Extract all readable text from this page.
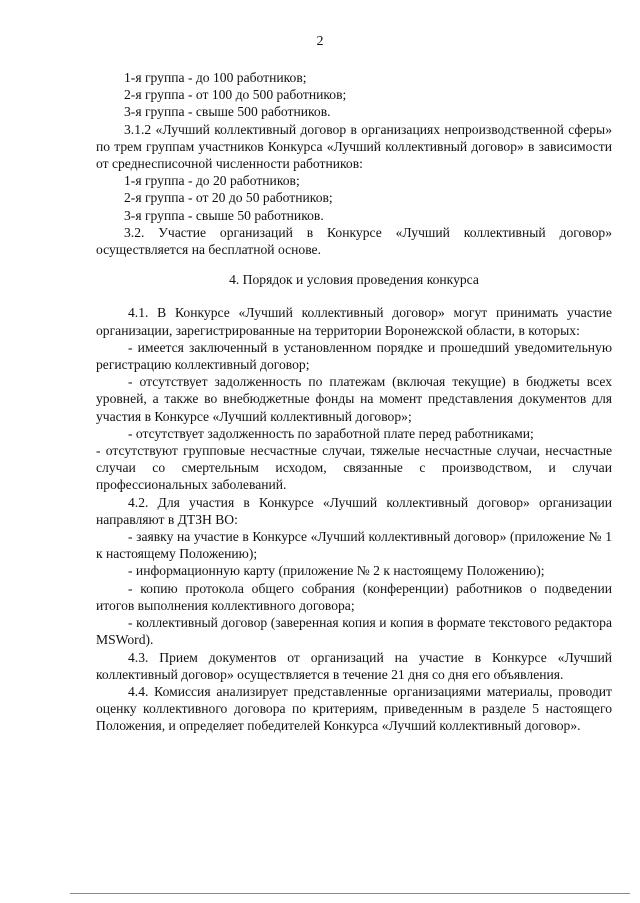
2

1-я группа - до 100 работников;

2-я группа - от 100 до 500 работников;

3-я группа - свыше 500 работников.

3.1.2 «Лучший коллективный договор в организациях непроизводственной сферы» по трем группам участников Конкурса «Лучший коллективный договор» в зависимости от среднесписочной численности работников:

1-я группа - до 20 работников;

2-я группа - от 20 до 50 работников;

3-я группа - свыше 50 работников.

3.2. Участие организаций в Конкурсе «Лучший коллективный договор» осуществляется на бесплатной основе.

4. Порядок и условия проведения конкурса

4.1. В Конкурсе «Лучший коллективный договор» могут принимать участие организации, зарегистрированные на территории Воронежской области, в которых:

- имеется заключенный в установленном порядке и прошедший уведомительную регистрацию коллективный договор;

- отсутствует задолженность по платежам (включая текущие) в бюджеты всех уровней, а также во внебюджетные фонды на момент представления документов для участия в Конкурсе «Лучший коллективный договор»;

- отсутствует задолженность по заработной плате перед работниками;

- отсутствуют групповые несчастные случаи, тяжелые несчастные случаи, несчастные случаи со смертельным исходом, связанные с производством, и случаи профессиональных заболеваний.

4.2. Для участия в Конкурсе «Лучший коллективный договор» организации направляют в ДТЗН ВО:

- заявку на участие в Конкурсе «Лучший коллективный договор» (приложение № 1 к настоящему Положению);

- информационную карту (приложение № 2 к настоящему Положению);

- копию протокола общего собрания (конференции) работников о подведении итогов выполнения коллективного договора;

- коллективный договор (заверенная копия и копия в формате текстового редактора MSWord).

4.3. Прием документов от организаций на участие в Конкурсе «Лучший коллективный договор» осуществляется в течение 21 дня со дня его объявления.

4.4. Комиссия анализирует представленные организациями материалы, проводит оценку коллективного договора по критериям, приведенным в разделе 5 настоящего Положения, и определяет победителей Конкурса «Лучший коллективный договор».
